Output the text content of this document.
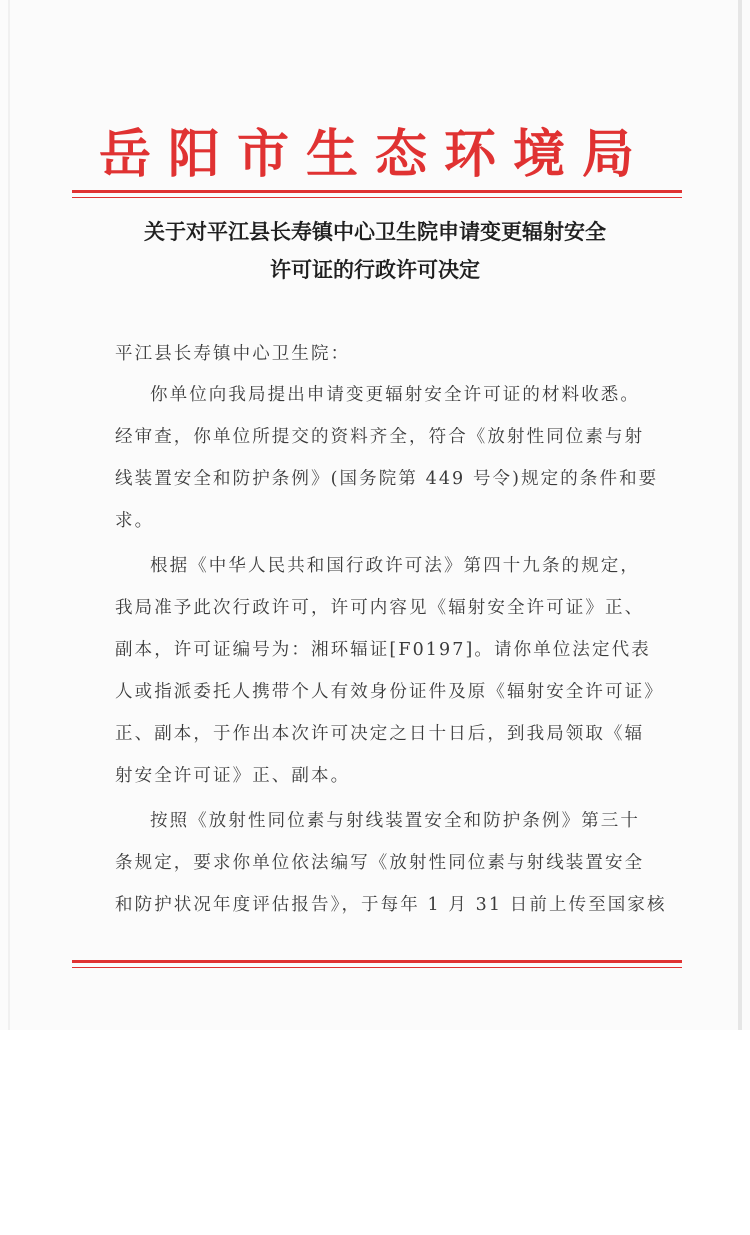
岳阳市生态环境局
关于对平江县长寿镇中心卫生院申请变更辐射安全
许可证的行政许可决定
平江县长寿镇中心卫生院：
你单位向我局提出申请变更辐射安全许可证的材料收悉。
经审查，你单位所提交的资料齐全，符合《放射性同位素与射
线装置安全和防护条例》(国务院第 449 号令)规定的条件和要
求。
根据《中华人民共和国行政许可法》第四十九条的规定，
我局准予此次行政许可，许可内容见《辐射安全许可证》正、
副本，许可证编号为：湘环辐证[F0197]。请你单位法定代表
人或指派委托人携带个人有效身份证件及原《辐射安全许可证》
正、副本，于作出本次许可决定之日十日后，到我局领取《辐
射安全许可证》正、副本。
按照《放射性同位素与射线装置安全和防护条例》第三十
条规定，要求你单位依法编写《放射性同位素与射线装置安全
和防护状况年度评估报告》，于每年 1 月 31 日前上传至国家核
